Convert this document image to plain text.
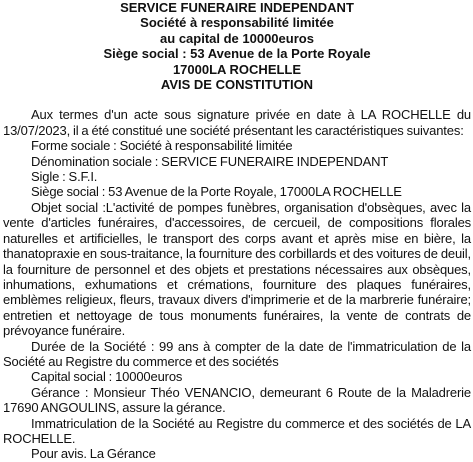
SERVICE FUNERAIRE INDEPENDANT
Société à responsabilité limitée
au capital de 10000euros
Siège social : 53 Avenue de la Porte Royale
17000LA ROCHELLE
AVIS DE CONSTITUTION

Aux termes d'un acte sous signature privée en date à LA ROCHELLE du 13/07/2023, il a été constitué une société présentant les caractéristiques suivantes:

Forme sociale : Société à responsabilité limitée

Dénomination sociale : SERVICE FUNERAIRE INDEPENDANT

Sigle : S.F.I.

Siège social : 53 Avenue de la Porte Royale, 17000LA ROCHELLE

Objet social :L'activité de pompes funèbres, organisation d'obsèques, avec la vente d'articles funéraires, d'accessoires, de cercueil, de compositions florales naturelles et artificielles, le transport des corps avant et après mise en bière, la thanatopraxie en sous-traitance, la fourniture des corbillards et des voitures de deuil, la fourniture de personnel et des objets et prestations nécessaires aux obsèques, inhumations, exhumations et crémations, fourniture des plaques funéraires, emblèmes religieux, fleurs, travaux divers d'imprimerie et de la marbrerie funéraire; entretien et nettoyage de tous monuments funéraires, la vente de contrats de prévoyance funéraire.

Durée de la Société : 99 ans à compter de la date de l'immatriculation de la Société au Registre du commerce et des sociétés

Capital social : 10000euros

Gérance : Monsieur Théo VENANCIO, demeurant 6 Route de la Maladrerie 17690 ANGOULINS, assure la gérance.

Immatriculation de la Société au Registre du commerce et des sociétés de LA ROCHELLE.

Pour avis. La Gérance
